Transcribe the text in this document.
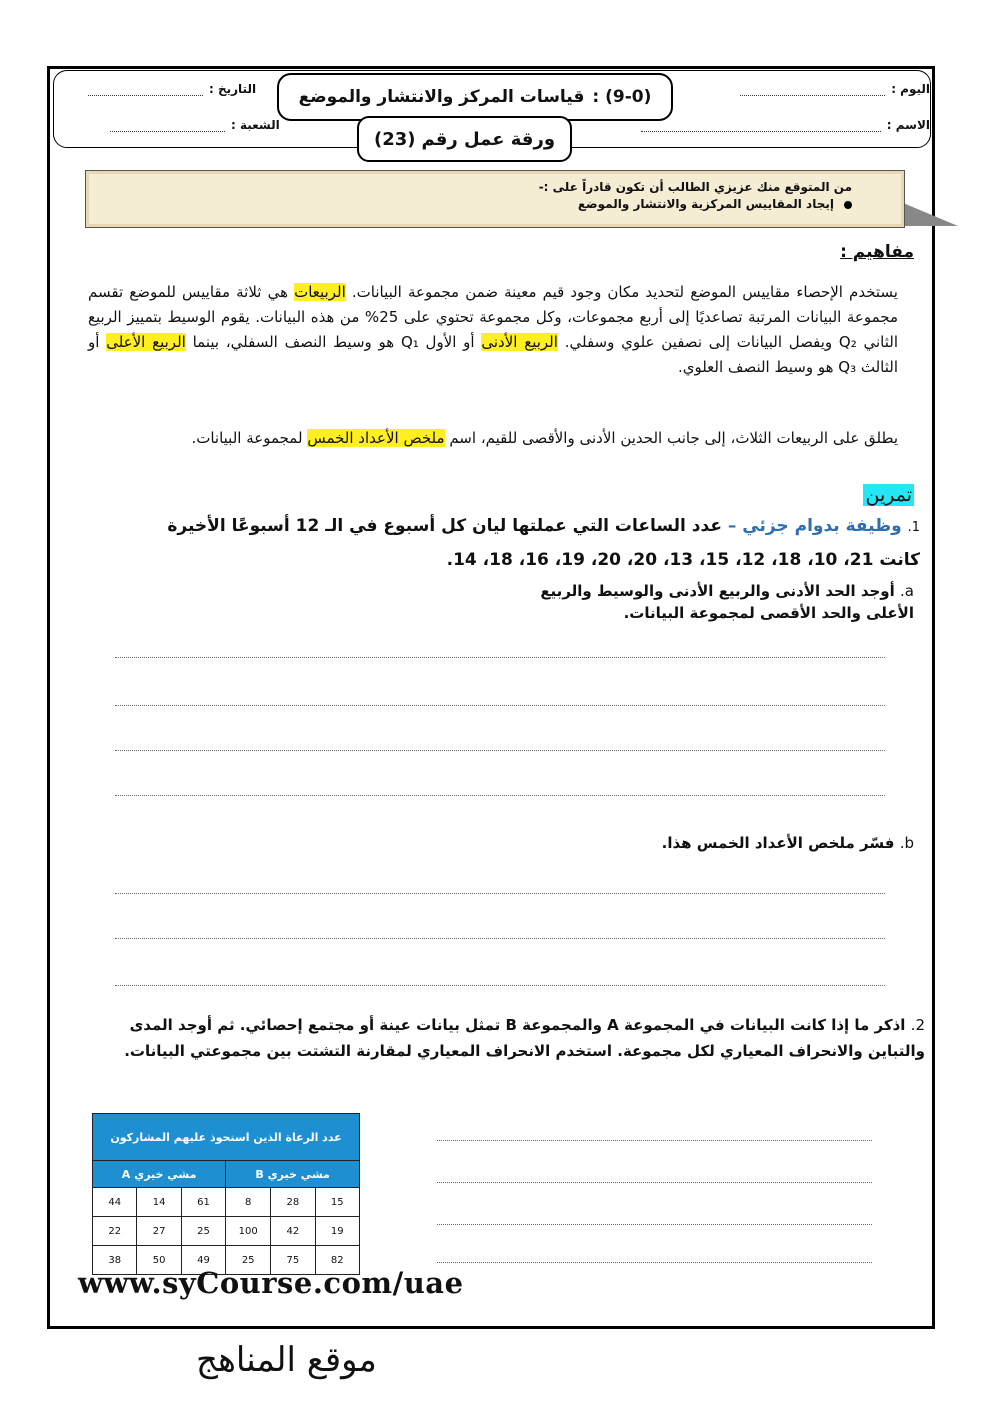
اليوم :
الاسم :
التاريخ :
الشعبة :
(9-0) :
قياسات المركز والانتشار والموضع
ورقة عمل رقم
(23)
من المتوقع منك عزيزي الطالب أن تكون قادراً على :-
إيجاد المقاييس المركزية والانتشار والموضع
مفاهيم :
يستخدم الإحصاء مقاييس الموضع لتحديد مكان وجود قيم معينة ضمن مجموعة البيانات. الربيعات هي ثلاثة مقاييس للموضع تقسم مجموعة البيانات المرتبة تصاعديًا إلى أربع مجموعات، وكل مجموعة تحتوي على 25% من هذه البيانات. يقوم الوسيط بتمييز الربيع الثاني Q₂ ويفصل البيانات إلى نصفين علوي وسفلي. الربيع الأدنى أو الأول Q₁ هو وسيط النصف السفلي، بينما الربيع الأعلى أو الثالث Q₃ هو وسيط النصف العلوي.
يطلق على الربيعات الثلاث، إلى جانب الحدين الأدنى والأقصى للقيم، اسم ملخص الأعداد الخمس لمجموعة البيانات.
تمرين
1. وظيفة بدوام جزئي – عدد الساعات التي عملتها ليان كل أسبوع في الـ 12 أسبوعًا الأخيرة
كانت 21، 10، 18، 12، 15، 13، 20، 20، 19، 16، 18، 14.
a. أوجد الحد الأدنى والربيع الأدنى والوسيط والربيع
الأعلى والحد الأقصى لمجموعة البيانات.
b. فسّر ملخص الأعداد الخمس هذا.
2. اذكر ما إذا كانت البيانات في المجموعة A والمجموعة B تمثل بيانات عينة أو مجتمع إحصائي. ثم أوجد المدى والتباين والانحراف المعياري لكل مجموعة. استخدم الانحراف المعياري لمقارنة التشتت بين مجموعتي البيانات.
عدد الرعاة الذين استحوذ عليهم المشاركون					
مشي خيري A			مشي خيري B		
44	14	61	8	28	15
22	27	25	100	42	19
38	50	49	25	75	82
www.syCourse.com/uae
موقع المناهج
